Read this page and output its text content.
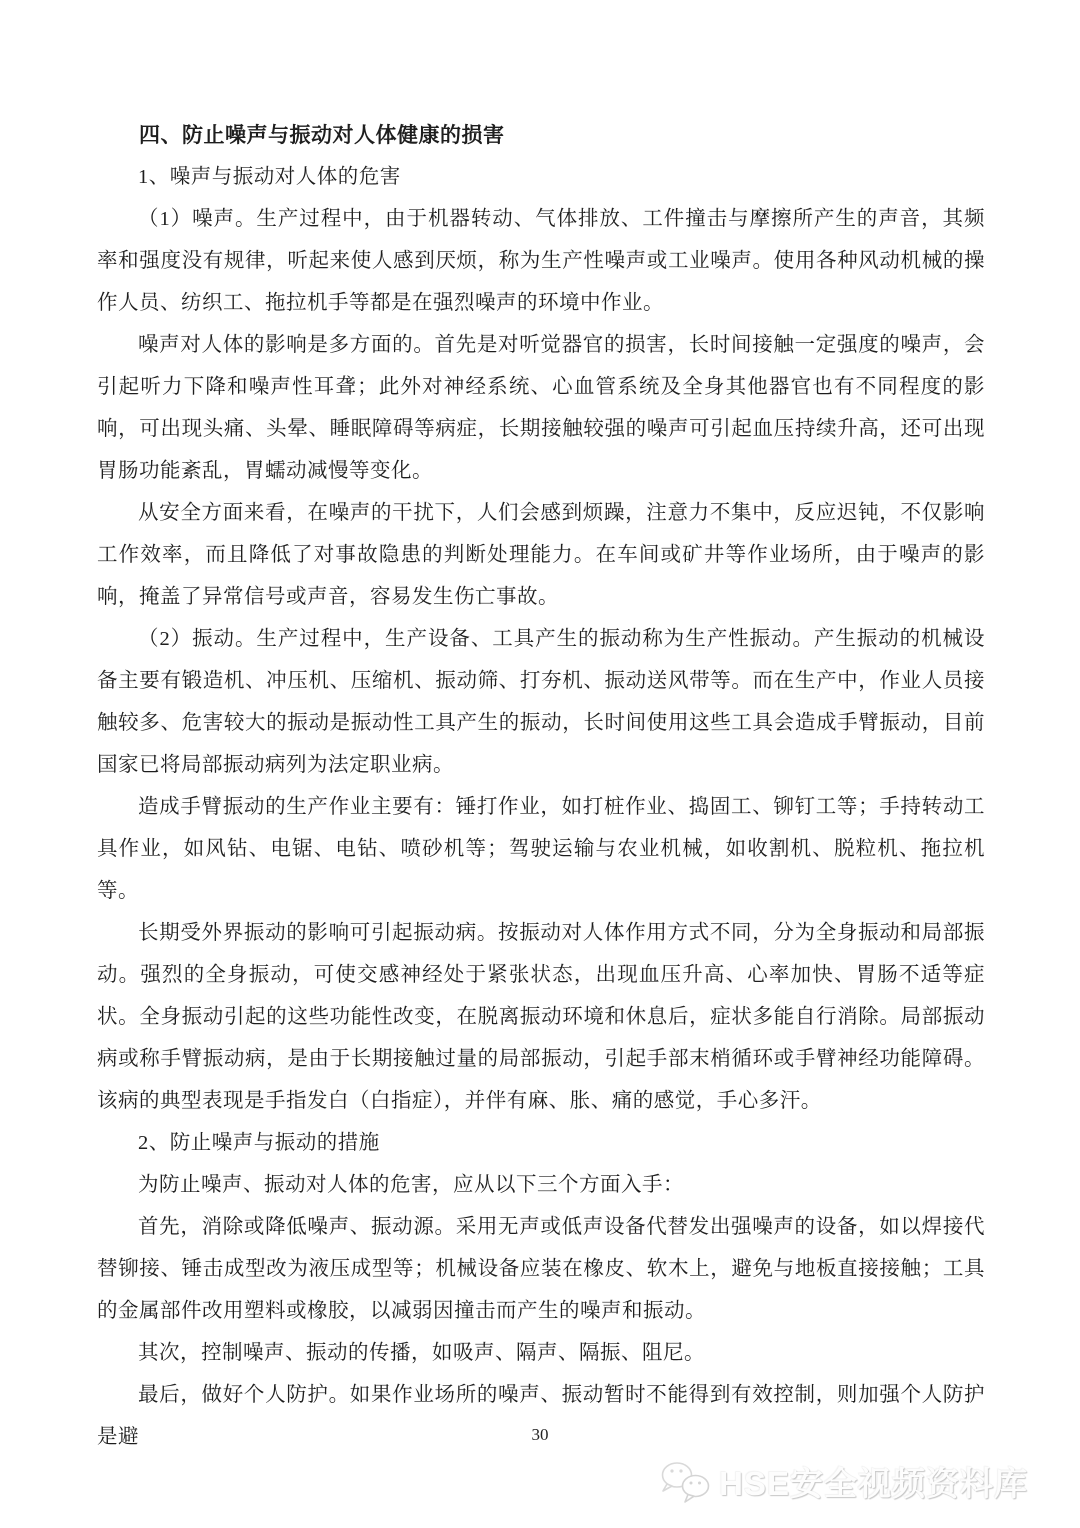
四、防止噪声与振动对人体健康的损害

1、噪声与振动对人体的危害

（1）噪声。生产过程中，由于机器转动、气体排放、工件撞击与摩擦所产生的声音，其频率和强度没有规律，听起来使人感到厌烦，称为生产性噪声或工业噪声。使用各种风动机械的操作人员、纺织工、拖拉机手等都是在强烈噪声的环境中作业。

噪声对人体的影响是多方面的。首先是对听觉器官的损害，长时间接触一定强度的噪声，会引起听力下降和噪声性耳聋；此外对神经系统、心血管系统及全身其他器官也有不同程度的影响，可出现头痛、头晕、睡眠障碍等病症，长期接触较强的噪声可引起血压持续升高，还可出现胃肠功能紊乱，胃蠕动减慢等变化。

从安全方面来看，在噪声的干扰下，人们会感到烦躁，注意力不集中，反应迟钝，不仅影响工作效率，而且降低了对事故隐患的判断处理能力。在车间或矿井等作业场所，由于噪声的影响，掩盖了异常信号或声音，容易发生伤亡事故。

（2）振动。生产过程中，生产设备、工具产生的振动称为生产性振动。产生振动的机械设备主要有锻造机、冲压机、压缩机、振动筛、打夯机、振动送风带等。而在生产中，作业人员接触较多、危害较大的振动是振动性工具产生的振动，长时间使用这些工具会造成手臂振动，目前国家已将局部振动病列为法定职业病。

造成手臂振动的生产作业主要有：锤打作业，如打桩作业、捣固工、铆钉工等；手持转动工具作业，如风钻、电锯、电钻、喷砂机等；驾驶运输与农业机械，如收割机、脱粒机、拖拉机等。

长期受外界振动的影响可引起振动病。按振动对人体作用方式不同，分为全身振动和局部振动。强烈的全身振动，可使交感神经处于紧张状态，出现血压升高、心率加快、胃肠不适等症状。全身振动引起的这些功能性改变，在脱离振动环境和休息后，症状多能自行消除。局部振动病或称手臂振动病，是由于长期接触过量的局部振动，引起手部末梢循环或手臂神经功能障碍。该病的典型表现是手指发白（白指症），并伴有麻、胀、痛的感觉，手心多汗。

2、防止噪声与振动的措施

为防止噪声、振动对人体的危害，应从以下三个方面入手：

首先，消除或降低噪声、振动源。采用无声或低声设备代替发出强噪声的设备，如以焊接代替铆接、锤击成型改为液压成型等；机械设备应装在橡皮、软木上，避免与地板直接接触；工具的金属部件改用塑料或橡胶，以减弱因撞击而产生的噪声和振动。

其次，控制噪声、振动的传播，如吸声、隔声、隔振、阻尼。

最后，做好个人防护。如果作业场所的噪声、振动暂时不能得到有效控制，则加强个人防护是避	30
HSE安全视频资料库
